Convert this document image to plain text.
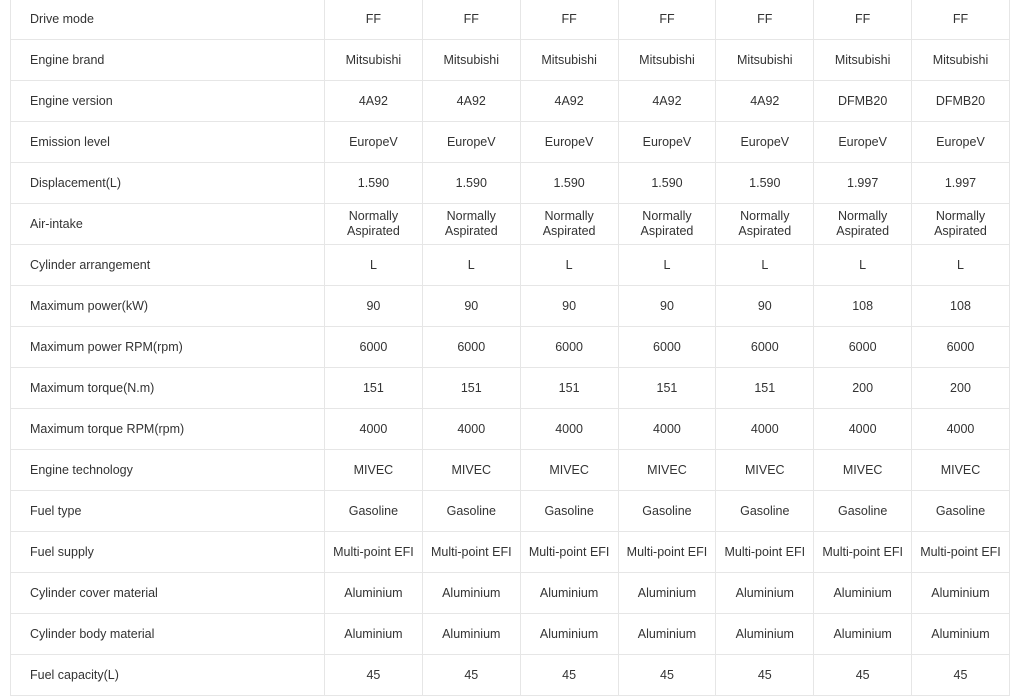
Drive mode	FF	FF	FF	FF	FF	FF	FF
Engine brand	Mitsubishi	Mitsubishi	Mitsubishi	Mitsubishi	Mitsubishi	Mitsubishi	Mitsubishi
Engine version	4A92	4A92	4A92	4A92	4A92	DFMB20	DFMB20
Emission level	EuropeV	EuropeV	EuropeV	EuropeV	EuropeV	EuropeV	EuropeV
Displacement(L)	1.590	1.590	1.590	1.590	1.590	1.997	1.997
Air-intake	Normally Aspirated	Normally Aspirated	Normally Aspirated	Normally Aspirated	Normally Aspirated	Normally Aspirated	Normally Aspirated
Cylinder arrangement	L	L	L	L	L	L	L
Maximum power(kW)	90	90	90	90	90	108	108
Maximum power RPM(rpm)	6000	6000	6000	6000	6000	6000	6000
Maximum torque(N.m)	151	151	151	151	151	200	200
Maximum torque RPM(rpm)	4000	4000	4000	4000	4000	4000	4000
Engine technology	MIVEC	MIVEC	MIVEC	MIVEC	MIVEC	MIVEC	MIVEC
Fuel type	Gasoline	Gasoline	Gasoline	Gasoline	Gasoline	Gasoline	Gasoline
Fuel supply	Multi-point EFI	Multi-point EFI	Multi-point EFI	Multi-point EFI	Multi-point EFI	Multi-point EFI	Multi-point EFI
Cylinder cover material	Aluminium	Aluminium	Aluminium	Aluminium	Aluminium	Aluminium	Aluminium
Cylinder body material	Aluminium	Aluminium	Aluminium	Aluminium	Aluminium	Aluminium	Aluminium
Fuel capacity(L)	45	45	45	45	45	45	45
